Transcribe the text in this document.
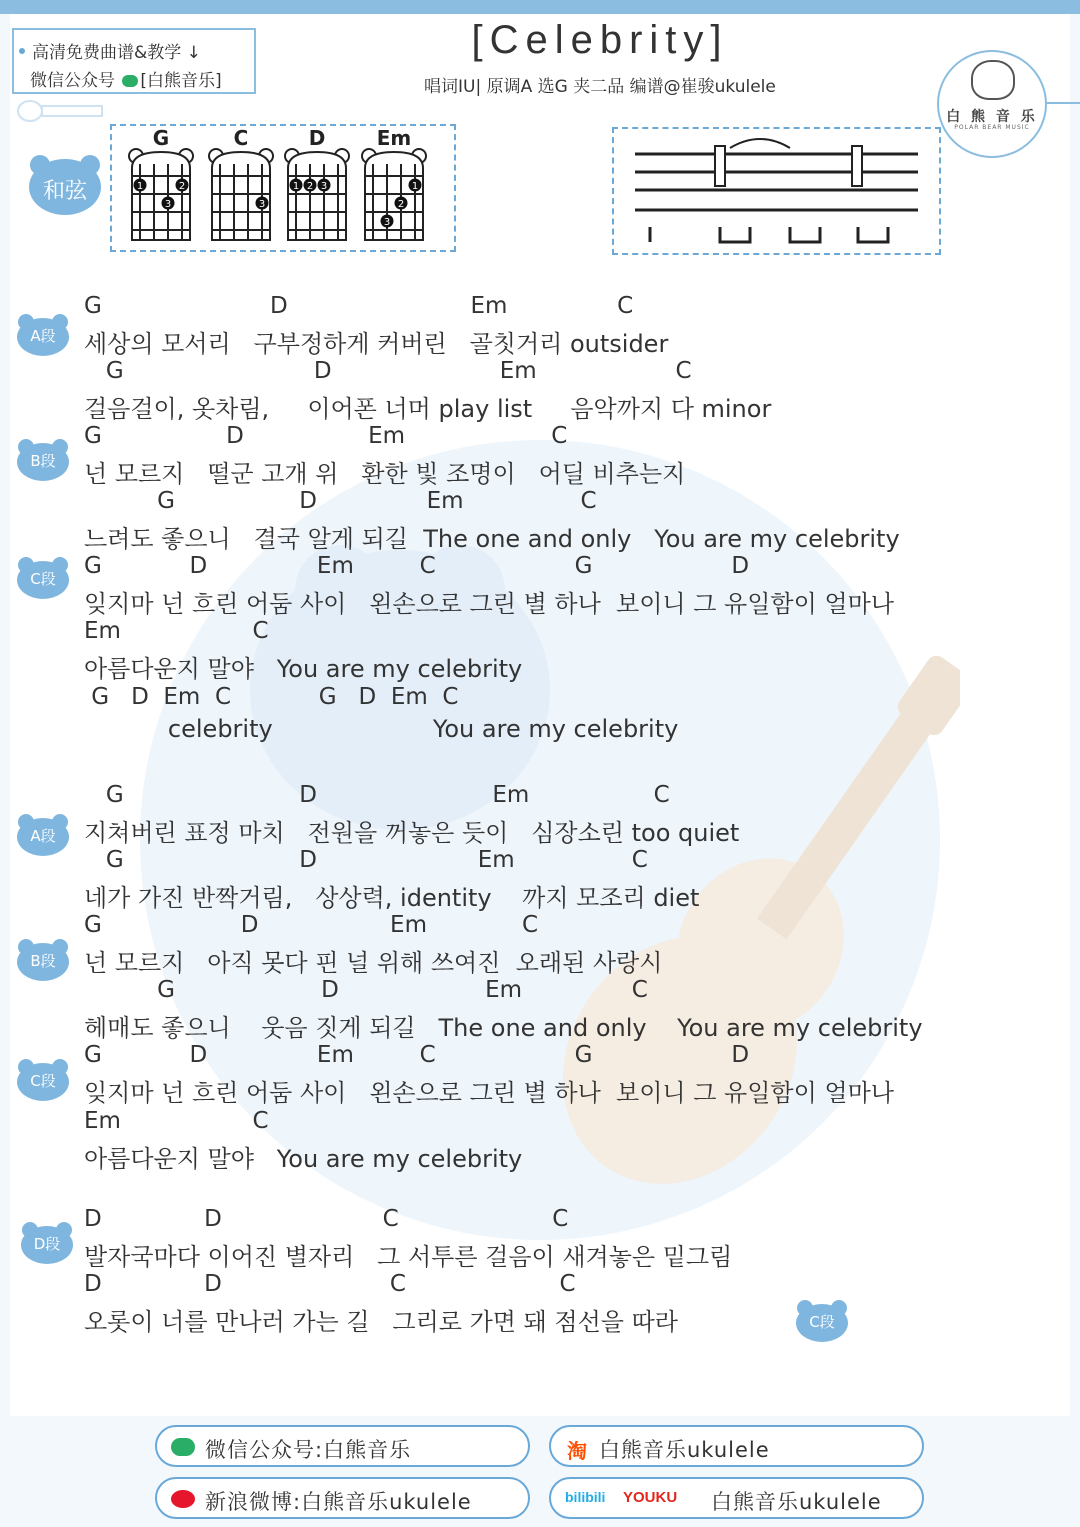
高清免费曲谱&教学 ↓
微信公众号 [白熊音乐]
[Celebrity]
唱词IU| 原调A 选G 夹二品 编谱@崔骏ukulele
白 熊 音 乐
POLAR BEAR MUSIC
和弦
G
1	2
3
C
3
D
1 2 3
Em
1
2
3
A段
B段
C段
A段
B段
C段
D段
C段
G                       D                         Em               C
세상의 모서리   구부정하게 커버린   골칫거리 outsider
G                          D                       Em                   C
걸음걸이, 옷차림,     이어폰 너머 play list     음악까지 다 minor
G                 D                 Em                    C
넌 모르지   떨군 고개 위   환한 빛 조명이   어딜 비추는지
G                 D               Em                C
느려도 좋으니   결국 알게 되길  The one and only   You are my celebrity
G            D               Em         C                   G                   D
잊지마 넌 흐린 어둠 사이   왼손으로 그린 별 하나  보이니 그 유일함이 얼마나
Em                  C
아름다운지 말야   You are my celebrity
G   D  Em  C            G   D  Em  C
celebrity                     You are my celebrity
G                        D                        Em                 C
지쳐버린 표정 마치   전원을 꺼놓은 듯이   심장소린 too quiet
G                        D                      Em                C
네가 가진 반짝거림,   상상력, identity    까지 모조리 diet
G                   D                  Em             C
넌 모르지   아직 못다 핀 널 위해 쓰여진  오래된 사랑시
G                    D                    Em               C
헤매도 좋으니    웃음 짓게 되길   The one and only    You are my celebrity
G            D               Em         C                   G                   D
잊지마 넌 흐린 어둠 사이   왼손으로 그린 별 하나  보이니 그 유일함이 얼마나
Em                  C
아름다운지 말야   You are my celebrity
D              D                      C                     C
발자국마다 이어진 별자리   그 서투른 걸음이 새겨놓은 밑그림
D              D                       C                     C
오롯이 너를 만나러 가는 길   그리로 가면 돼 점선을 따라
微信公众号:白熊音乐	淘 白熊音乐ukulele
新浪微博:白熊音乐ukulele	bilibili YOUKU 白熊音乐ukulele
